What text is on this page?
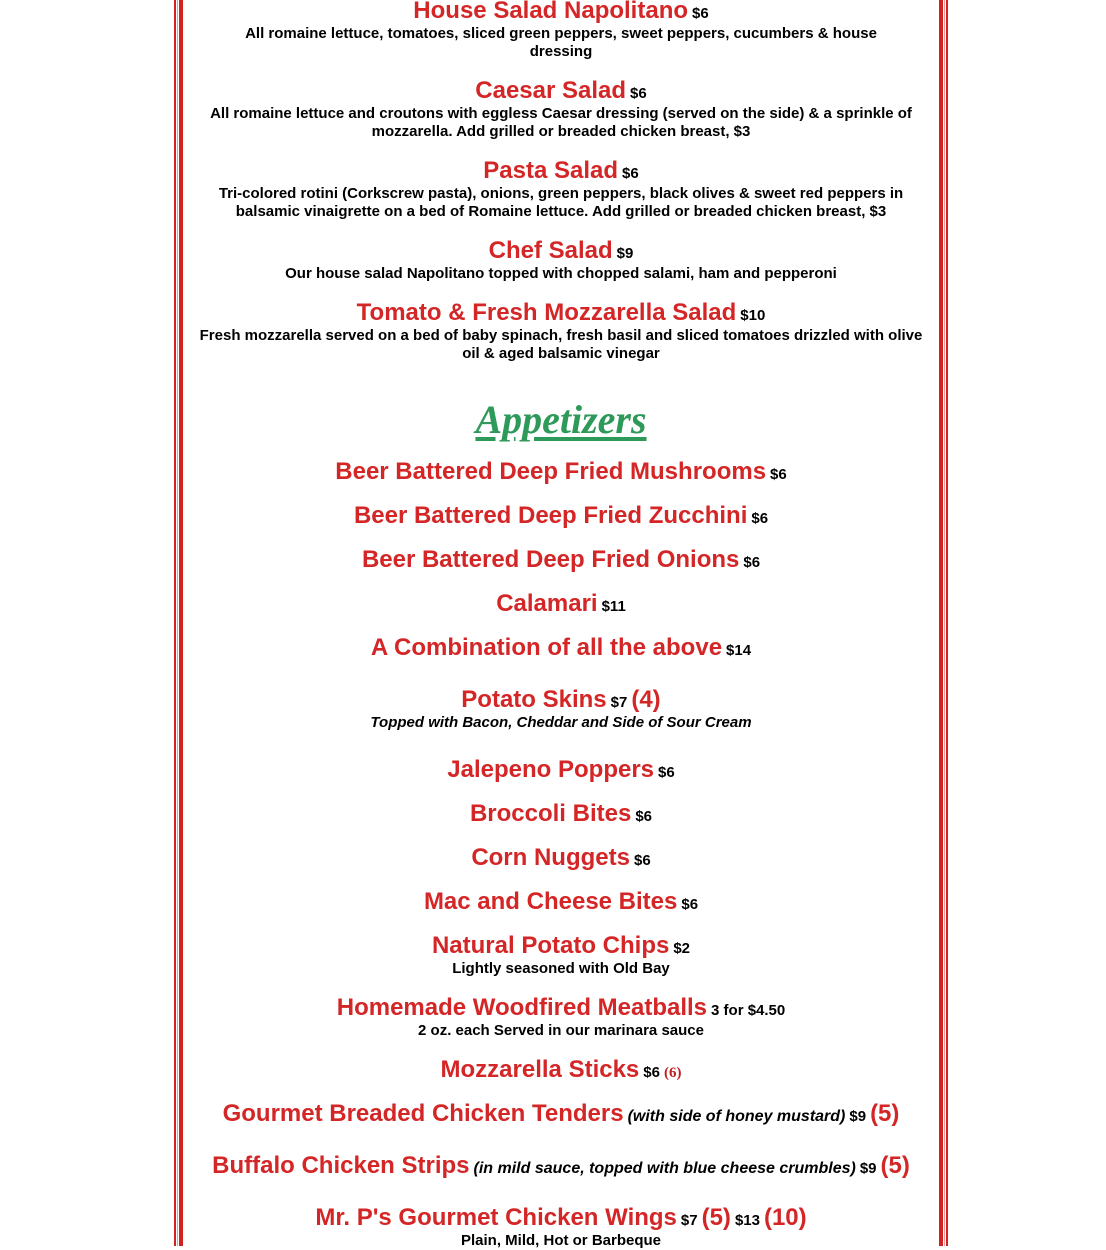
House Salad Napolitano $6
All romaine lettuce, tomatoes, sliced green peppers, sweet peppers, cucumbers & house dressing
Caesar Salad $6
All romaine lettuce and croutons with eggless Caesar dressing (served on the side) & a sprinkle of mozzarella. Add grilled or breaded chicken breast, $3
Pasta Salad $6
Tri-colored rotini (Corkscrew pasta), onions, green peppers, black olives & sweet red peppers in balsamic vinaigrette on a bed of Romaine lettuce. Add grilled or breaded chicken breast, $3
Chef Salad $9
Our house salad Napolitano topped with chopped salami, ham and pepperoni
Tomato & Fresh Mozzarella Salad $10
Fresh mozzarella served on a bed of baby spinach, fresh basil and sliced tomatoes drizzled with olive oil & aged balsamic vinegar
Appetizers
Beer Battered Deep Fried Mushrooms $6
Beer Battered Deep Fried Zucchini $6
Beer Battered Deep Fried Onions $6
Calamari $11
A Combination of all the above $14
Potato Skins $7 (4)
Topped with Bacon, Cheddar and Side of Sour Cream
Jalepeno Poppers $6
Broccoli Bites $6
Corn Nuggets $6
Mac and Cheese Bites $6
Natural Potato Chips $2
Lightly seasoned with Old Bay
Homemade Woodfired Meatballs 3 for $4.50
2 oz. each Served in our marinara sauce
Mozzarella Sticks $6 (6)
Gourmet Breaded Chicken Tenders (with side of honey mustard) $9 (5)
Buffalo Chicken Strips (in mild sauce, topped with blue cheese crumbles) $9 (5)
Mr. P's Gourmet Chicken Wings $7 (5) $13 (10)
Plain, Mild, Hot or Barbeque
